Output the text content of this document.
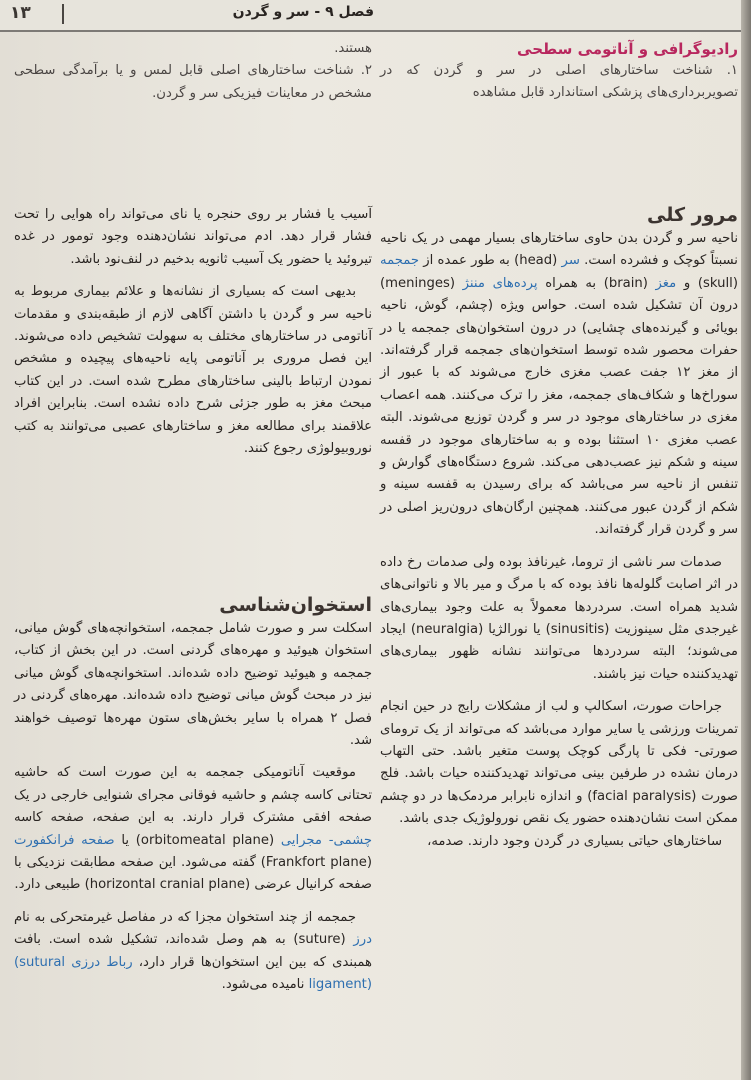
۱۳	فصل ۹ - سر و گردن

رادیوگرافی و آناتومی سطحی

۱. شناخت ساختارهای اصلی در سر و گردن که در تصویربرداری‌های پزشکی استاندارد قابل مشاهده

مرور کلی

ناحیه سر و گردن بدن حاوی ساختارهای بسیار مهمی در یک ناحیه نسبتاً کوچک و فشرده است. سر (head) به طور عمده از جمجمه (skull) و مغز (brain) به همراه پرده‌های مننژ (meninges) درون آن تشکیل شده است. حواس ویژه (چشم، گوش، ناحیه بویائی و گیرنده‌های چشایی) در درون استخوان‌های جمجمه یا در حفرات محصور شده توسط استخوان‌های جمجمه قرار گرفته‌اند. از مغز ۱۲ جفت عصب مغزی خارج می‌شوند که با عبور از سوراخ‌ها و شکاف‌های جمجمه، مغز را ترک می‌کنند. همه اعصاب مغزی در ساختارهای موجود در سر و گردن توزیع می‌شوند. البته عصب مغزی ۱۰ استثنا بوده و به ساختارهای موجود در قفسه سینه و شکم نیز عصب‌دهی می‌کند. شروع دستگاه‌های گوارش و تنفس از ناحیه سر می‌باشد که برای رسیدن به قفسه سینه و شکم از گردن عبور می‌کنند. همچنین ارگان‌های درون‌ریز اصلی در سر و گردن قرار گرفته‌اند.

صدمات سر ناشی از تروما، غیرنافذ بوده ولی صدمات رخ داده در اثر اصابت گلوله‌ها نافذ بوده که با مرگ و میر بالا و ناتوانی‌های شدید همراه است. سردردها معمولاً به علت وجود بیماری‌های غیرجدی مثل سینوزیت (sinusitis) یا نورالژیا (neuralgia) ایجاد می‌شوند؛ البته سردردها می‌توانند نشانه ظهور بیماری‌های تهدیدکننده حیات نیز باشند.

جراحات صورت، اسکالپ و لب از مشکلات رایج در حین انجام تمرینات ورزشی یا سایر موارد می‌باشد که می‌تواند از یک ترومای صورتی- فکی تا پارگی کوچک پوست متغیر باشد. حتی التهاب درمان نشده در طرفین بینی می‌تواند تهدیدکننده حیات باشد. فلج صورت (facial paralysis) و اندازه نابرابر مردمک‌ها در دو چشم ممکن است نشان‌دهنده حضور یک نقص نورولوژیک جدی باشد.

ساختارهای حیاتی بسیاری در گردن وجود دارند. صدمه،

هستند.

۲. شناخت ساختارهای اصلی قابل لمس و یا برآمدگی سطحی مشخص در معاینات فیزیکی سر و گردن.

آسیب یا فشار بر روی حنجره یا نای می‌تواند راه هوایی را تحت فشار قرار دهد. ادم می‌تواند نشان‌دهنده وجود تومور در غده تیروئید یا حضور یک آسیب ثانویه بدخیم در لنف‌نود باشد.

بدیهی است که بسیاری از نشانه‌ها و علائم بیماری مربوط به ناحیه سر و گردن با داشتن آگاهی لازم از طبقه‌بندی و مقدمات آناتومی در ساختارهای مختلف به سهولت تشخیص داده می‌شوند. این فصل مروری بر آناتومی پایه ناحیه‌های پیچیده و مشخص نمودن ارتباط بالینی ساختارهای مطرح شده است. در این کتاب مبحث مغز به طور جزئی شرح داده نشده است. بنابراین افراد علاقمند برای مطالعه مغز و ساختارهای عصبی می‌توانند به کتب نوروبیولوژی رجوع کنند.

استخوان‌شناسی

اسکلت سر و صورت شامل جمجمه، استخوانچه‌های گوش میانی، استخوان هیوئید و مهره‌های گردنی است. در این بخش از کتاب، جمجمه و هیوئید توضیح داده شده‌اند. استخوانچه‌های گوش میانی نیز در مبحث گوش میانی توضیح داده شده‌اند. مهره‌های گردنی در فصل ۲ همراه با سایر بخش‌های ستون مهره‌ها توصیف خواهند شد.

موقعیت آناتومیکی جمجمه به این صورت است که حاشیه تحتانی کاسه چشم و حاشیه فوقانی مجرای شنوایی خارجی در یک صفحه افقی مشترک قرار دارند. به این صفحه، صفحه کاسه چشمی- مجرایی (orbitomeatal plane) یا صفحه فرانکفورت (Frankfort plane) گفته می‌شود. این صفحه مطابقت نزدیکی با صفحه کرانیال عرضی (horizontal cranial plane) طبیعی دارد.

جمجمه از چند استخوان مجزا که در مفاصل غیرمتحرکی به نام درز (suture) به هم وصل شده‌اند، تشکیل شده است. بافت همبندی که بین این استخوان‌ها قرار دارد، رباط درزی (sutural ligament) نامیده می‌شود.
